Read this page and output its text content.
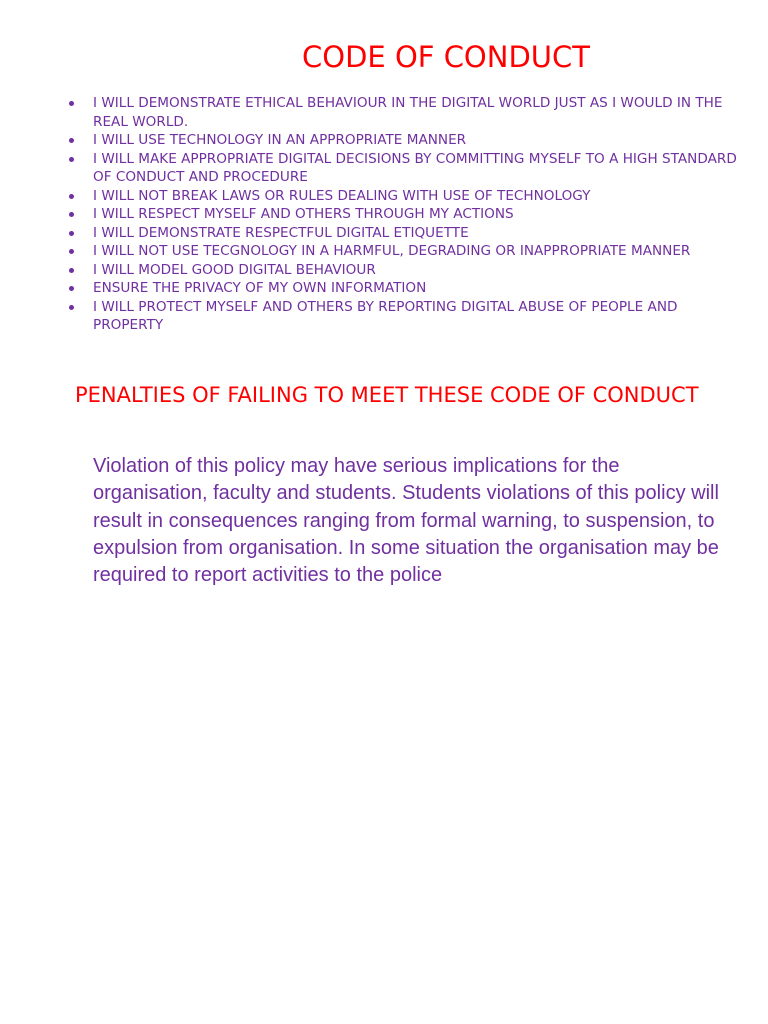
CODE OF CONDUCT
I WILL DEMONSTRATE ETHICAL BEHAVIOUR IN THE DIGITAL WORLD JUST AS I WOULD IN THE REAL WORLD.
I WILL USE TECHNOLOGY IN AN APPROPRIATE MANNER
I WILL MAKE APPROPRIATE DIGITAL DECISIONS BY COMMITTING MYSELF TO A HIGH STANDARD OF CONDUCT AND PROCEDURE
I WILL NOT BREAK LAWS OR RULES DEALING WITH USE OF TECHNOLOGY
I WILL RESPECT MYSELF AND OTHERS THROUGH MY ACTIONS
I WILL DEMONSTRATE RESPECTFUL DIGITAL ETIQUETTE
I WILL NOT USE TECGNOLOGY IN A HARMFUL, DEGRADING OR INAPPROPRIATE MANNER
I WILL MODEL GOOD DIGITAL BEHAVIOUR
ENSURE THE PRIVACY OF MY OWN INFORMATION
I WILL PROTECT MYSELF AND OTHERS BY REPORTING DIGITAL ABUSE OF PEOPLE AND PROPERTY
PENALTIES OF FAILING TO MEET THESE CODE OF CONDUCT

Violation of this policy may have serious implications for the organisation, faculty and students. Students violations of this policy will result in consequences ranging from formal warning, to suspension, to expulsion from organisation. In some situation the organisation may be required to report activities to the police
